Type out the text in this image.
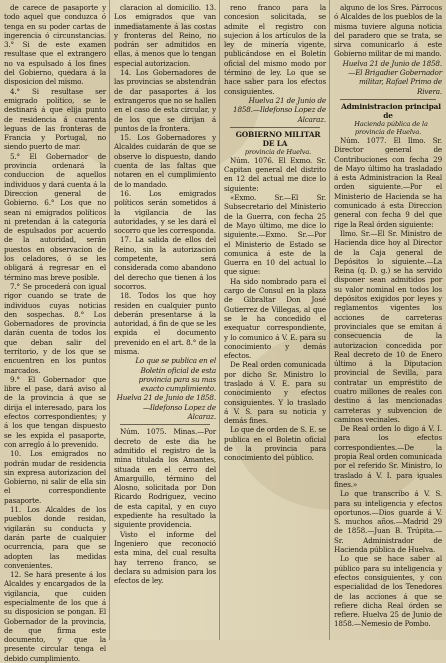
de carece de pasaporte y todo aquel que conduzca ó tenga en su poder cartas de ingerencia ó circunstancias. 3.° Si de este examen resultase que el extrangero no va espulsado á los fines del Gobierno, quedara á la disposicion del mismo.

4.° Si resultase ser emigrado político, se le destinará á que elija punto de residencia á cuarenta leguas de las fronteras de Francia y Portugal, no siendo puerto de mar.

5.° El Gobernador de provincia ordenará la conduccion de aquellos individuos y dará cuenta á la Direccion general de Gobierno. 6.° Los que no sean ni emigrados políticos ni pretendan á la categoría de espulsados por acuerdo de la autoridad, serán puestos en observacion de los celadores, ó se les obligará á regresar en el término mas breve posible.

7.° Se procederá con igual rigor cuando se trate de individuos cuyas noticias den sospechas. 8.° Los Gobernadores de provincia darán cuenta de todos los que deban salir del territorio, y de los que se encuentren en los puntos marcados.

9.° El Gobernador que libre el pase, dará aviso al de la provincia á que se dirija el interesado, para los efectos correspondientes; y á los que tengan dispuesto se les expida el pasaporte, con arreglo á lo prevenido.

10. Los emigrados no podrán mudar de residencia sin expresa autorizacion del Gobierno, ni salir de ella sin el correspondiente pasaporte.

11. Los Alcaldes de los pueblos donde residan, vigilarán su conducta y darán parte de cualquier ocurrencia, para que se adopten las medidas convenientes.

12. Se hará presente á los Alcaldes y encargados de la vigilancia, que cuiden especialmente de los que á su disposicion se pongan. El Gobernador de la provincia, de que firma este documento, y que la presente circular tenga el debido cumplimiento.

claracion al domicilio. 13. Los emigrados que van inmediatamente á las costas y fronteras del Reino, no podrán ser admitidos en ellas, á menos que lo tengan especial autorizacion.

14. Los Gobernadores de las provincias se abstendrán de dar pasaportes á los extrangeros que no se hallen en el caso de esta circular, y de los que se dirijan á puntos de la frontera.

15. Los Gobernadores y Alcaldes cuidarán de que se observe lo dispuesto, dando cuenta de las faltas que notaren en el cumplimiento de lo mandado.

16. Los emigrados políticos serán sometidos á la vigilancia de las autoridades, y se les dará el socorro que les corresponda.

17. La salida de ellos del Reino, sin la autorizacion competente, será considerada como abandono del derecho que tienen á los socorros.

18. Todos los que hoy residen en cualquier punto deberán presentarse á la autoridad, á fin de que se les expida el documento prevenido en el art. 8.° de la misma.

Lo que se publica en el Boletin oficial de esta provincia para su mas exacto cumplimiento. Huelva 21 de Junio de 1858.—Ildefonso Lopez de Alcaraz.

Núm. 1075. Minas.—Por decreto de este dia he admitido el registro de la mina titulada los Amantes, situada en el cerro del Amarguillo, término del Alosno, solicitada por Don Ricardo Rodriguez, vecino de esta capital, y en cuyo expediente ha resultado la siguiente providencia.

Visto el informe del Ingeniero que reconoció esta mina, del cual resulta hay terreno franco, se declara su admision para los efectos de ley.

reno franco para la concesion solicitada, se admite el registro con sujecion á los artículos de la ley de minería vigente, publicándose en el Boletin oficial del mismo modo por término de ley. Lo que se hace saber para los efectos consiguientes.

Huelva 21 de Junio de 1858.—Ildefonso Lopez de Alcaraz.

GOBIERNO MILITAR DE LA

provincia de Huelva.

Núm. 1076. El Exmo. Sr. Capitan general del distrito en 12 del actual me dice lo siguiente:

«Exmo. Sr.—El Sr. Subsecretario del Ministerio de la Guerra, con fecha 25 de Mayo último, me dice lo siguiente.—Exmo. Sr.—Por el Ministerio de Estado se comunica á este de la Guerra en 10 del actual lo que sigue:

Ha sido nombrado para el cargo de Consul en la plaza de Gibraltar Don José Gutierrez de Villegas, al que se le ha concedido el exequatur correspondiente, y lo comunico á V. E. para su conocimiento y demás efectos.

De Real orden comunicada por dicho Sr. Ministro lo traslado á V. E. para su conocimiento y efectos consiguientes. Y lo traslado á V. S. para su noticia y demás fines.

Lo que de orden de S. E. se publica en el Boletin oficial de la provincia para conocimiento del público.

alguno de los Sres. Párrocos ó Alcaldes de los pueblos de la misma tuviere alguna noticia del paradero que se trata, se sirva comunicarlo á este Gobierno militar de mi mando.

Huelva 21 de Junio de 1858.—El Brigadier Gobernador militar, Rafael Primo de Rivera.

Administracion principal de

Hacienda pública de la provincia de Huelva.

Núm. 1077. El Ilmo. Sr. Director general de Contribuciones con fecha 29 de Mayo último ha trasladado á esta Administracion la Real orden siguiente.—Por el Ministerio de Hacienda se ha comunicado á esta Direccion general con fecha 9 del que rige la Real órden siguiente:

Ilmo. Sr.—El Sr. Ministro de Hacienda dice hoy al Director de la Caja general de Depósitos lo siguiente.—La Reina (q. D. g.) se ha servido disponer sean admitidos por su valor nominal en todos los depósitos exigidos por leyes y reglamentos vigentes los acciones de carreteras provinciales que se emitan á consecuencia de la autorizacion concedida por Real decreto de 10 de Enero último á la Diputacion provincial de Sevilla, para contratar un empréstito de cuatro millones de reales con destino á las mencionadas carreteras y subvencion de caminos vecinales.

De Real orden lo digo á V. I. para los efectos correspondientes.—De la propia Real orden comunicada por el referido Sr. Ministro, lo traslado á V. I. para iguales fines.»

Lo que transcribo á V. S. para su inteligencia y efectos oportunos.—Dios guarde á V. S. muchos años.—Madrid 29 de 1858.—Juan B. Trúpita.—Sr. Administrador de Hacienda pública de Huelva.

Lo que se hace saber al público para su inteligencia y efectos consiguientes, y con especialidad de los Tenedores de las acciones á que se refiere dicha Real órden se refiere. Huelva 25 de Junio de 1858.—Nemesio de Pombo.
